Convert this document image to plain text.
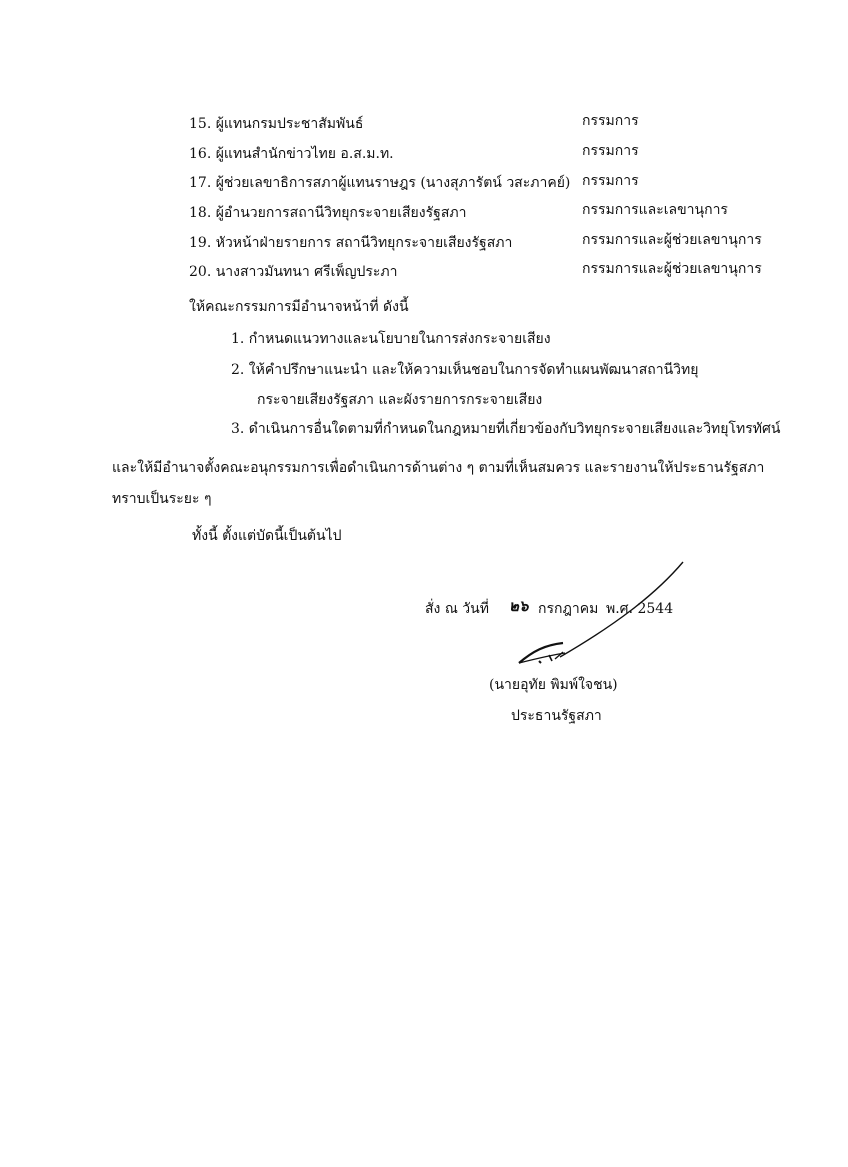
15. ผู้แทนกรมประชาสัมพันธ์	กรรมการ
16. ผู้แทนสำนักข่าวไทย อ.ส.ม.ท.	กรรมการ
17. ผู้ช่วยเลขาธิการสภาผู้แทนราษฎร (นางสุภารัตน์ วสะภาคย์) กรรมการ
18. ผู้อำนวยการสถานีวิทยุกระจายเสียงรัฐสภา	กรรมการและเลขานุการ
19. หัวหน้าฝ่ายรายการ สถานีวิทยุกระจายเสียงรัฐสภา	กรรมการและผู้ช่วยเลขานุการ
20. นางสาวมันทนา ศรีเพ็ญประภา	กรรมการและผู้ช่วยเลขานุการ
ให้คณะกรรมการมีอำนาจหน้าที่ ดังนี้
1. กำหนดแนวทางและนโยบายในการส่งกระจายเสียง
2. ให้คำปรึกษาแนะนำ และให้ความเห็นชอบในการจัดทำแผนพัฒนาสถานีวิทยุ
กระจายเสียงรัฐสภา และผังรายการกระจายเสียง
3. ดำเนินการอื่นใดตามที่กำหนดในกฎหมายที่เกี่ยวข้องกับวิทยุกระจายเสียงและวิทยุโทรทัศน์
และให้มีอำนาจตั้งคณะอนุกรรมการเพื่อดำเนินการด้านต่าง ๆ ตามที่เห็นสมควร และรายงานให้ประธานรัฐสภา
ทราบเป็นระยะ ๆ
ทั้งนี้ ตั้งแต่บัดนี้เป็นต้นไป
สั่ง ณ วันที่ ๒๖ กรกฎาคม พ.ศ. 2544
(นายอุทัย พิมพ์ใจชน)
ประธานรัฐสภา
